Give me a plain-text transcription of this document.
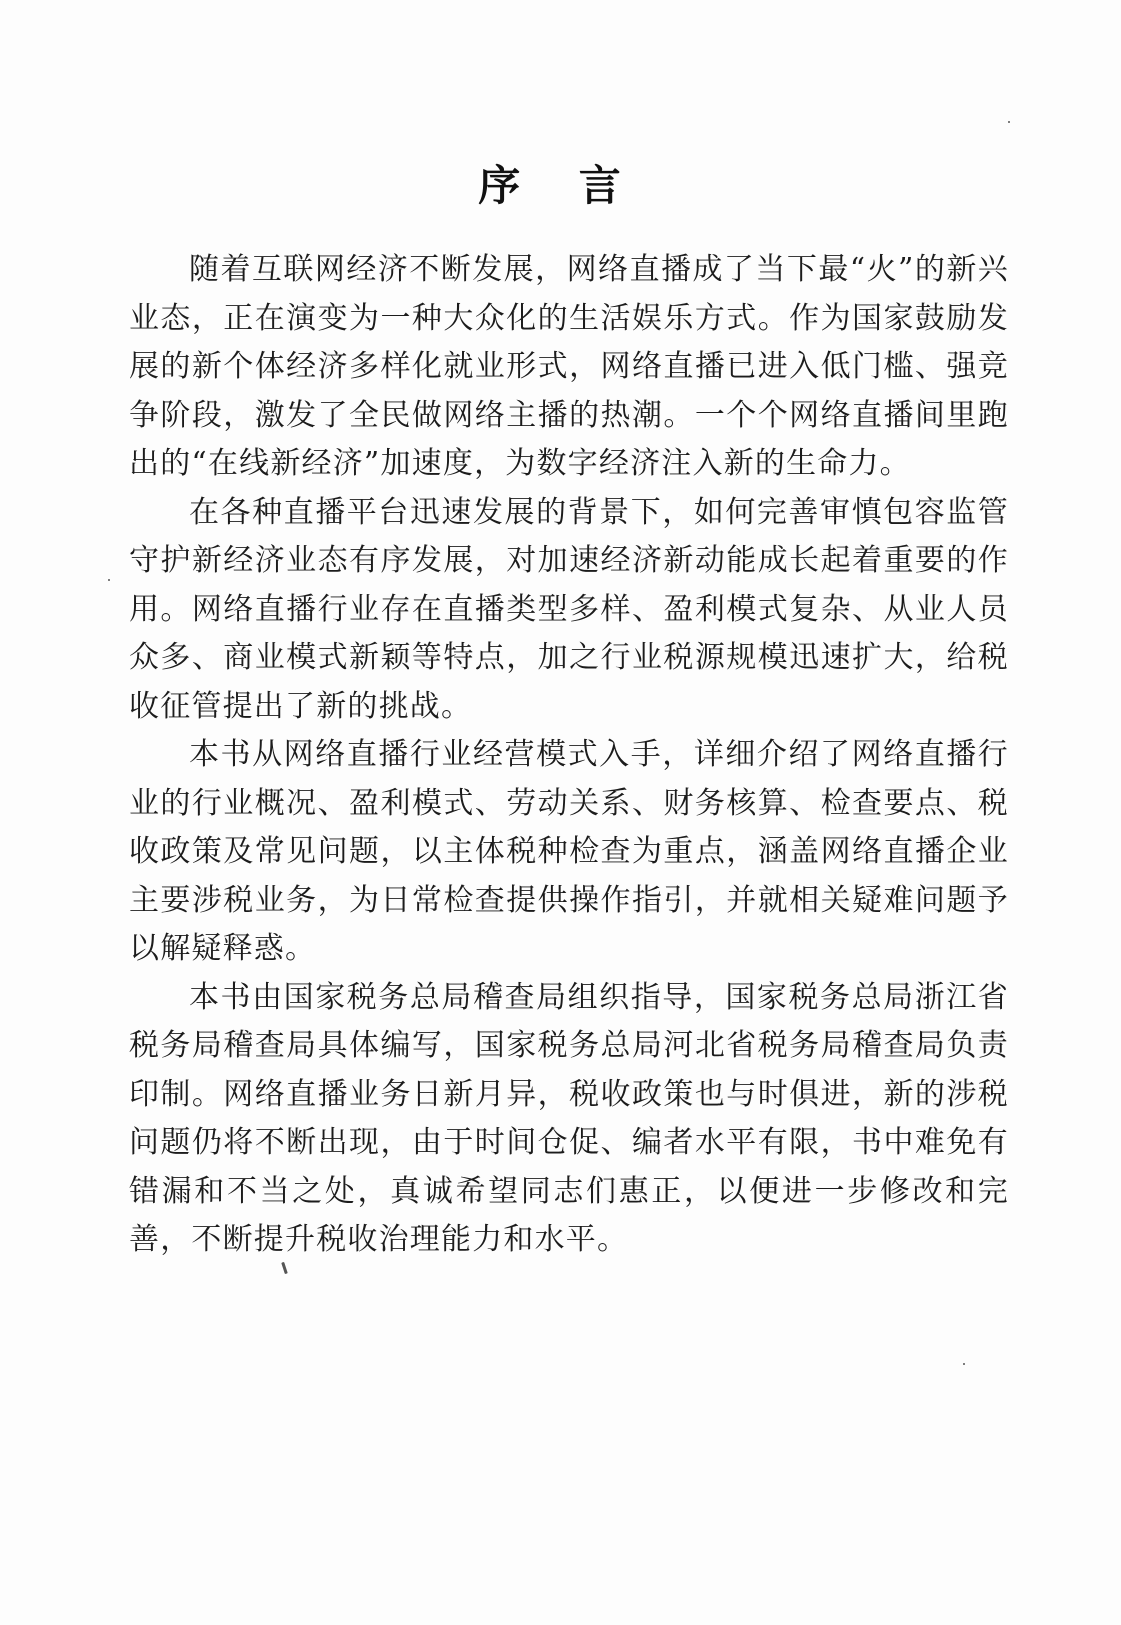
序 言

随着互联网经济不断发展，网络直播成了当下最“火”的新兴业态，正在演变为一种大众化的生活娱乐方式。作为国家鼓励发展的新个体经济多样化就业形式，网络直播已进入低门槛、强竞争阶段，激发了全民做网络主播的热潮。一个个网络直播间里跑出的“在线新经济”加速度，为数字经济注入新的生命力。

在各种直播平台迅速发展的背景下，如何完善审慎包容监管守护新经济业态有序发展，对加速经济新动能成长起着重要的作用。网络直播行业存在直播类型多样、盈利模式复杂、从业人员众多、商业模式新颖等特点，加之行业税源规模迅速扩大，给税收征管提出了新的挑战。

本书从网络直播行业经营模式入手，详细介绍了网络直播行业的行业概况、盈利模式、劳动关系、财务核算、检查要点、税收政策及常见问题，以主体税种检查为重点，涵盖网络直播企业主要涉税业务，为日常检查提供操作指引，并就相关疑难问题予以解疑释惑。

本书由国家税务总局稽查局组织指导，国家税务总局浙江省税务局稽查局具体编写，国家税务总局河北省税务局稽查局负责印制。网络直播业务日新月异，税收政策也与时俱进，新的涉税问题仍将不断出现，由于时间仓促、编者水平有限，书中难免有错漏和不当之处，真诚希望同志们惠正，以便进一步修改和完善，不断提升税收治理能力和水平。
